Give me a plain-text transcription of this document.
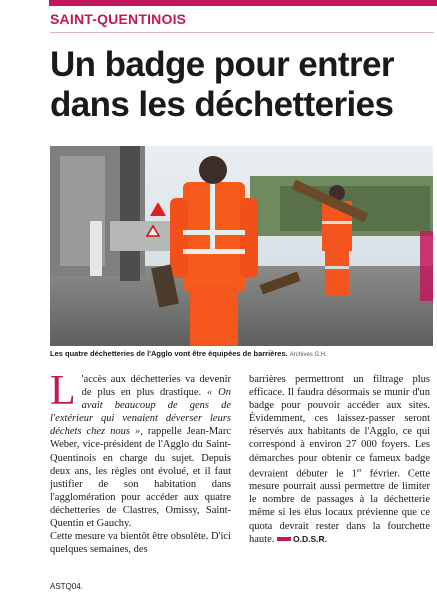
SAINT-QUENTINOIS
Un badge pour entrer
dans les déchetteries
Les quatre déchetteries de l'Agglo vont être équipées de barrières. Archives G.H.
L 'accès aux déchetteries va devenir de plus en plus drastique. « On avait beaucoup de gens de l'extérieur qui venaient déverser leurs déchets chez nous », rappelle Jean-Marc Weber, vice-président de l'Agglo du Saint-Quentinois en charge du sujet. Depuis deux ans, les règles ont évolué, et il faut justifier de son habitation dans l'agglomération pour accéder aux quatre déchetteries de Clastres, Omissy, Saint-Quentin et Gauchy.

Cette mesure va bientôt être obsolète. D'ici quelques semaines, des

barrières permettront un filtrage plus efficace. Il faudra désormais se munir d'un badge pour pouvoir accéder aux sites. Évidemment, ces laissez-passer seront réservés aux habitants de l'Agglo, ce qui correspond à environ 27 000 foyers. Les démarches pour obtenir ce fameux badge devraient débuter le 1er février. Cette mesure pourrait aussi permettre de limiter le nombre de passages à la déchetterie même si les élus locaux prévienne que ce quota devrait rester dans la fourchette haute. O.D.S.R.

ASTQ04.
